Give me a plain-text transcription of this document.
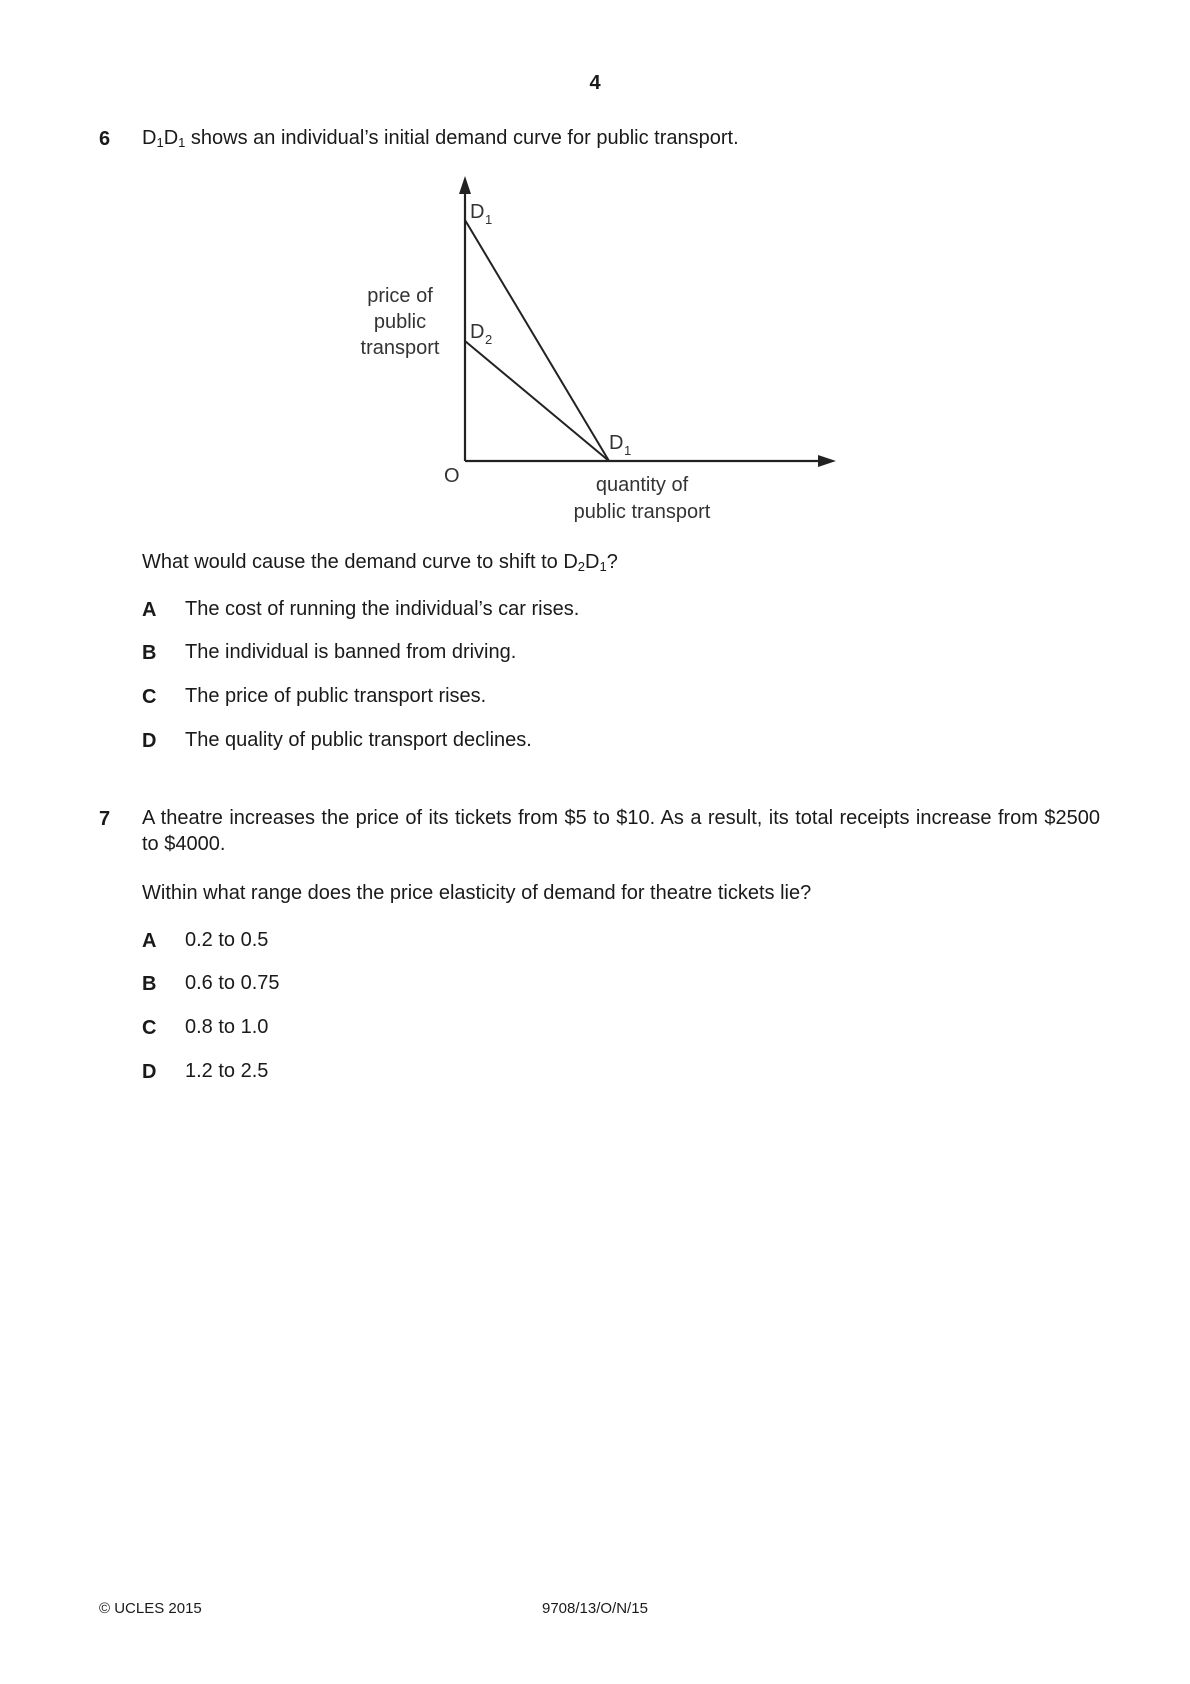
4
6 $D_1D_1$ shows an individual’s initial demand curve for public transport.
price of
public
transport
O
D 1
D 2
D 1
quantity of
public transport
What would cause the demand curve to shift to $D_2D_1$?
A The cost of running the individual’s car rises.
B The individual is banned from driving.
C The price of public transport rises.
D The quality of public transport declines.
7 A theatre increases the price of its tickets from $5 to $10. As a result, its total receipts increase from $2500 to $4000.
Within what range does the price elasticity of demand for theatre tickets lie?
A 0.2 to 0.5
B 0.6 to 0.75
C 0.8 to 1.0
D 1.2 to 2.5
© UCLES 2015	9708/13/O/N/15
